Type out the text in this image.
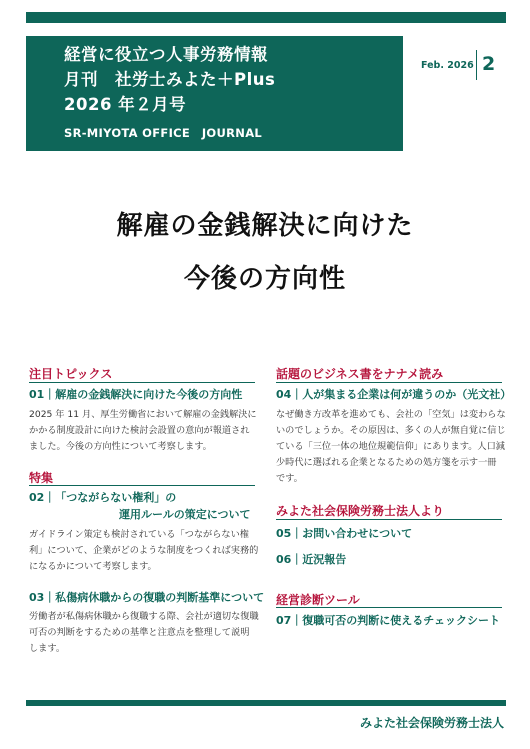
経営に役立つ人事労務情報
月刊　社労士みよた＋Plus
2026 年２月号
SR-MIYOTA OFFICE　JOURNAL
Feb. 2026 2
解雇の金銭解決に向けた
今後の方向性
注目トピックス
01｜解雇の金銭解決に向けた今後の方向性
2025 年 11 月、厚生労働省において解雇の金銭解決に
かかる制度設計に向けた検討会設置の意向が報道され
ました。今後の方向性について考察します。
特集
02｜「つながらない権利」の
運用ルールの策定について
ガイドライン策定も検討されている「つながらない権
利」について、企業がどのような制度をつくれば実務的
になるかについて考察します。
03｜私傷病休職からの復職の判断基準について
労働者が私傷病休職から復職する際、会社が適切な復職
可否の判断をするための基準と注意点を整理して説明
します。
話題のビジネス書をナナメ読み
04｜人が集まる企業は何が違うのか（光文社）
なぜ働き方改革を進めても、会社の「空気」は変わらな
いのでしょうか。その原因は、多くの人が無自覚に信じ
ている「三位一体の地位規範信仰」にあります。人口減
少時代に選ばれる企業となるための処方箋を示す一冊
です。
みよた社会保険労務士法人より
05｜お問い合わせについて
06｜近況報告
経営診断ツール
07｜復職可否の判断に使えるチェックシート
みよた社会保険労務士法人
